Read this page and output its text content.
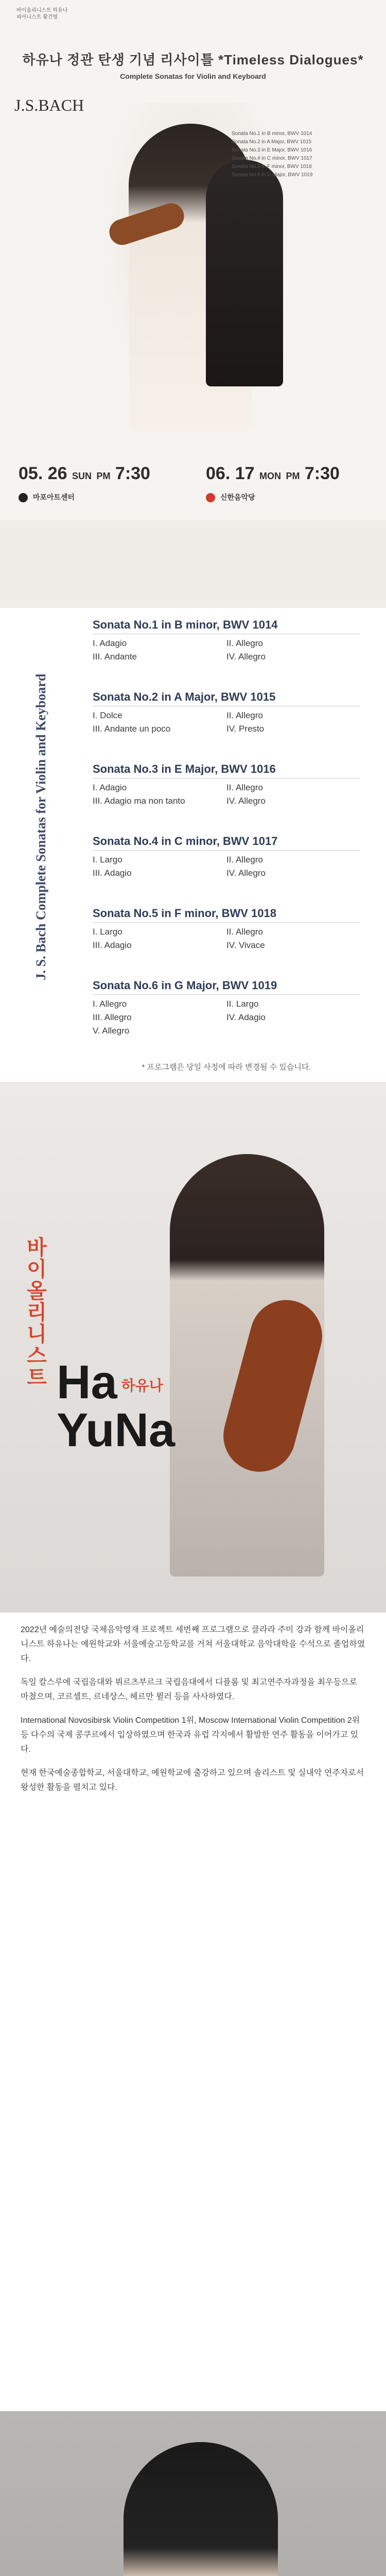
바이올리니스트 하유나
피아니스트 황건영
하유나 정관 탄생 기념 리사이틀 *Timeless Dialogues*
Complete Sonatas for Violin and Keyboard
J.S.BACH
Sonata No.1 in B minor, BWV 1014
Sonata No.2 in A Major, BWV 1015
Sonata No.3 in E Major, BWV 1016
Sonata No.4 in C minor, BWV 1017
Sonata No.5 in F minor, BWV 1018
Sonata No.6 in G Major, BWV 1019
05. 26 SUN PM 7:30
마포아트센터
06. 17 MON PM 7:30
신한음악당
J. S. Bach Complete Sonatas for Violin and Keyboard
Sonata No.1 in B minor, BWV 1014
I. Adagio	II. Allegro
III. Andante	IV. Allegro
Sonata No.2 in A Major, BWV 1015
I. Dolce	II. Allegro
III. Andante un poco	IV. Presto
Sonata No.3 in E Major, BWV 1016
I. Adagio	II. Allegro
III. Adagio ma non tanto	IV. Allegro
Sonata No.4 in C minor, BWV 1017
I. Largo	II. Allegro
III. Adagio	IV. Allegro
Sonata No.5 in F minor, BWV 1018
I. Largo	II. Allegro
III. Adagio	IV. Vivace
Sonata No.6 in G Major, BWV 1019
I. Allegro	II. Largo
III. Allegro	IV. Adagio
V. Allegro
* 프로그램은 당일 사정에 따라 변경될 수 있습니다.
바이올리니스트 Ha 하유나
YuNa

2022년 예술의전당 국제음악영재 프로젝트 세번째 프로그램으로 클라라 주미 강과 함께 바이올리니스트 하유나는 예원학교와 서울예술고등학교를 거쳐 서울대학교 음악대학을 수석으로 졸업하였다.

독일 칼스루에 국립음대와 뷔르츠부르크 국립음대에서 디플롬 및 최고연주자과정을 최우등으로 마쳤으며, 코르셀트, 르네상스, 헤르만 뮐러 등을 사사하였다.

International Novosibirsk Violin Competition 1위, Moscow International Violin Competition 2위 등 다수의 국제 콩쿠르에서 입상하였으며 한국과 유럽 각지에서 활발한 연주 활동을 이어가고 있다.

현재 한국예술종합학교, 서울대학교, 예원학교에 출강하고 있으며 솔리스트 및 실내악 연주자로서 왕성한 활동을 펼치고 있다.
